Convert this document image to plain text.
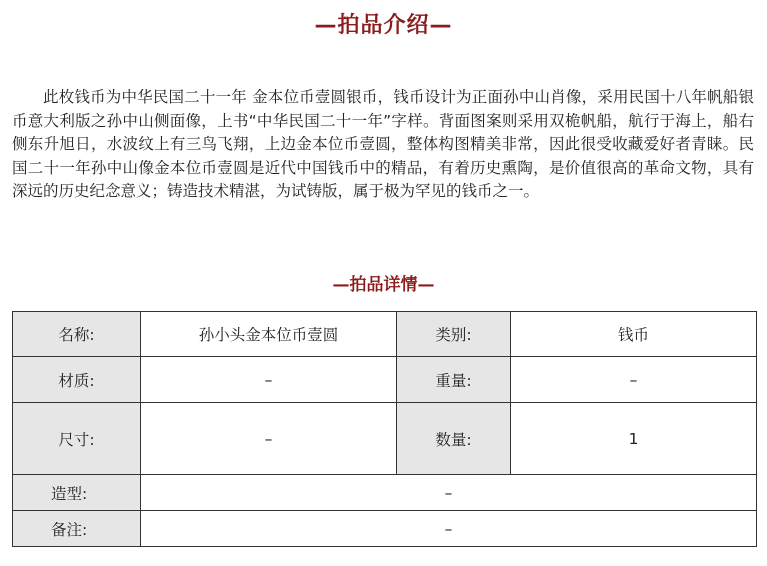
—拍品介绍—

此枚钱币为中华民国二十一年 金本位币壹圆银币，钱币设计为正面孙中山肖像，采用民国十八年帆船银币意大利版之孙中山侧面像，上书“中华民国二十一年”字样。背面图案则采用双桅帆船，航行于海上，船右侧东升旭日，水波纹上有三鸟飞翔，上边金本位币壹圆，整体构图精美非常，因此很受收藏爱好者青睐。民国二十一年孙中山像金本位币壹圆是近代中国钱币中的精品，有着历史熏陶，是价值很高的革命文物，具有深远的历史纪念意义；铸造技术精湛，为试铸版，属于极为罕见的钱币之一。

—拍品详情—
名称:	孙小头金本位币壹圆	类别:	钱币
材质:	–	重量:	–
尺寸:	–	数量:	1
造型:	–		
备注:	–		
